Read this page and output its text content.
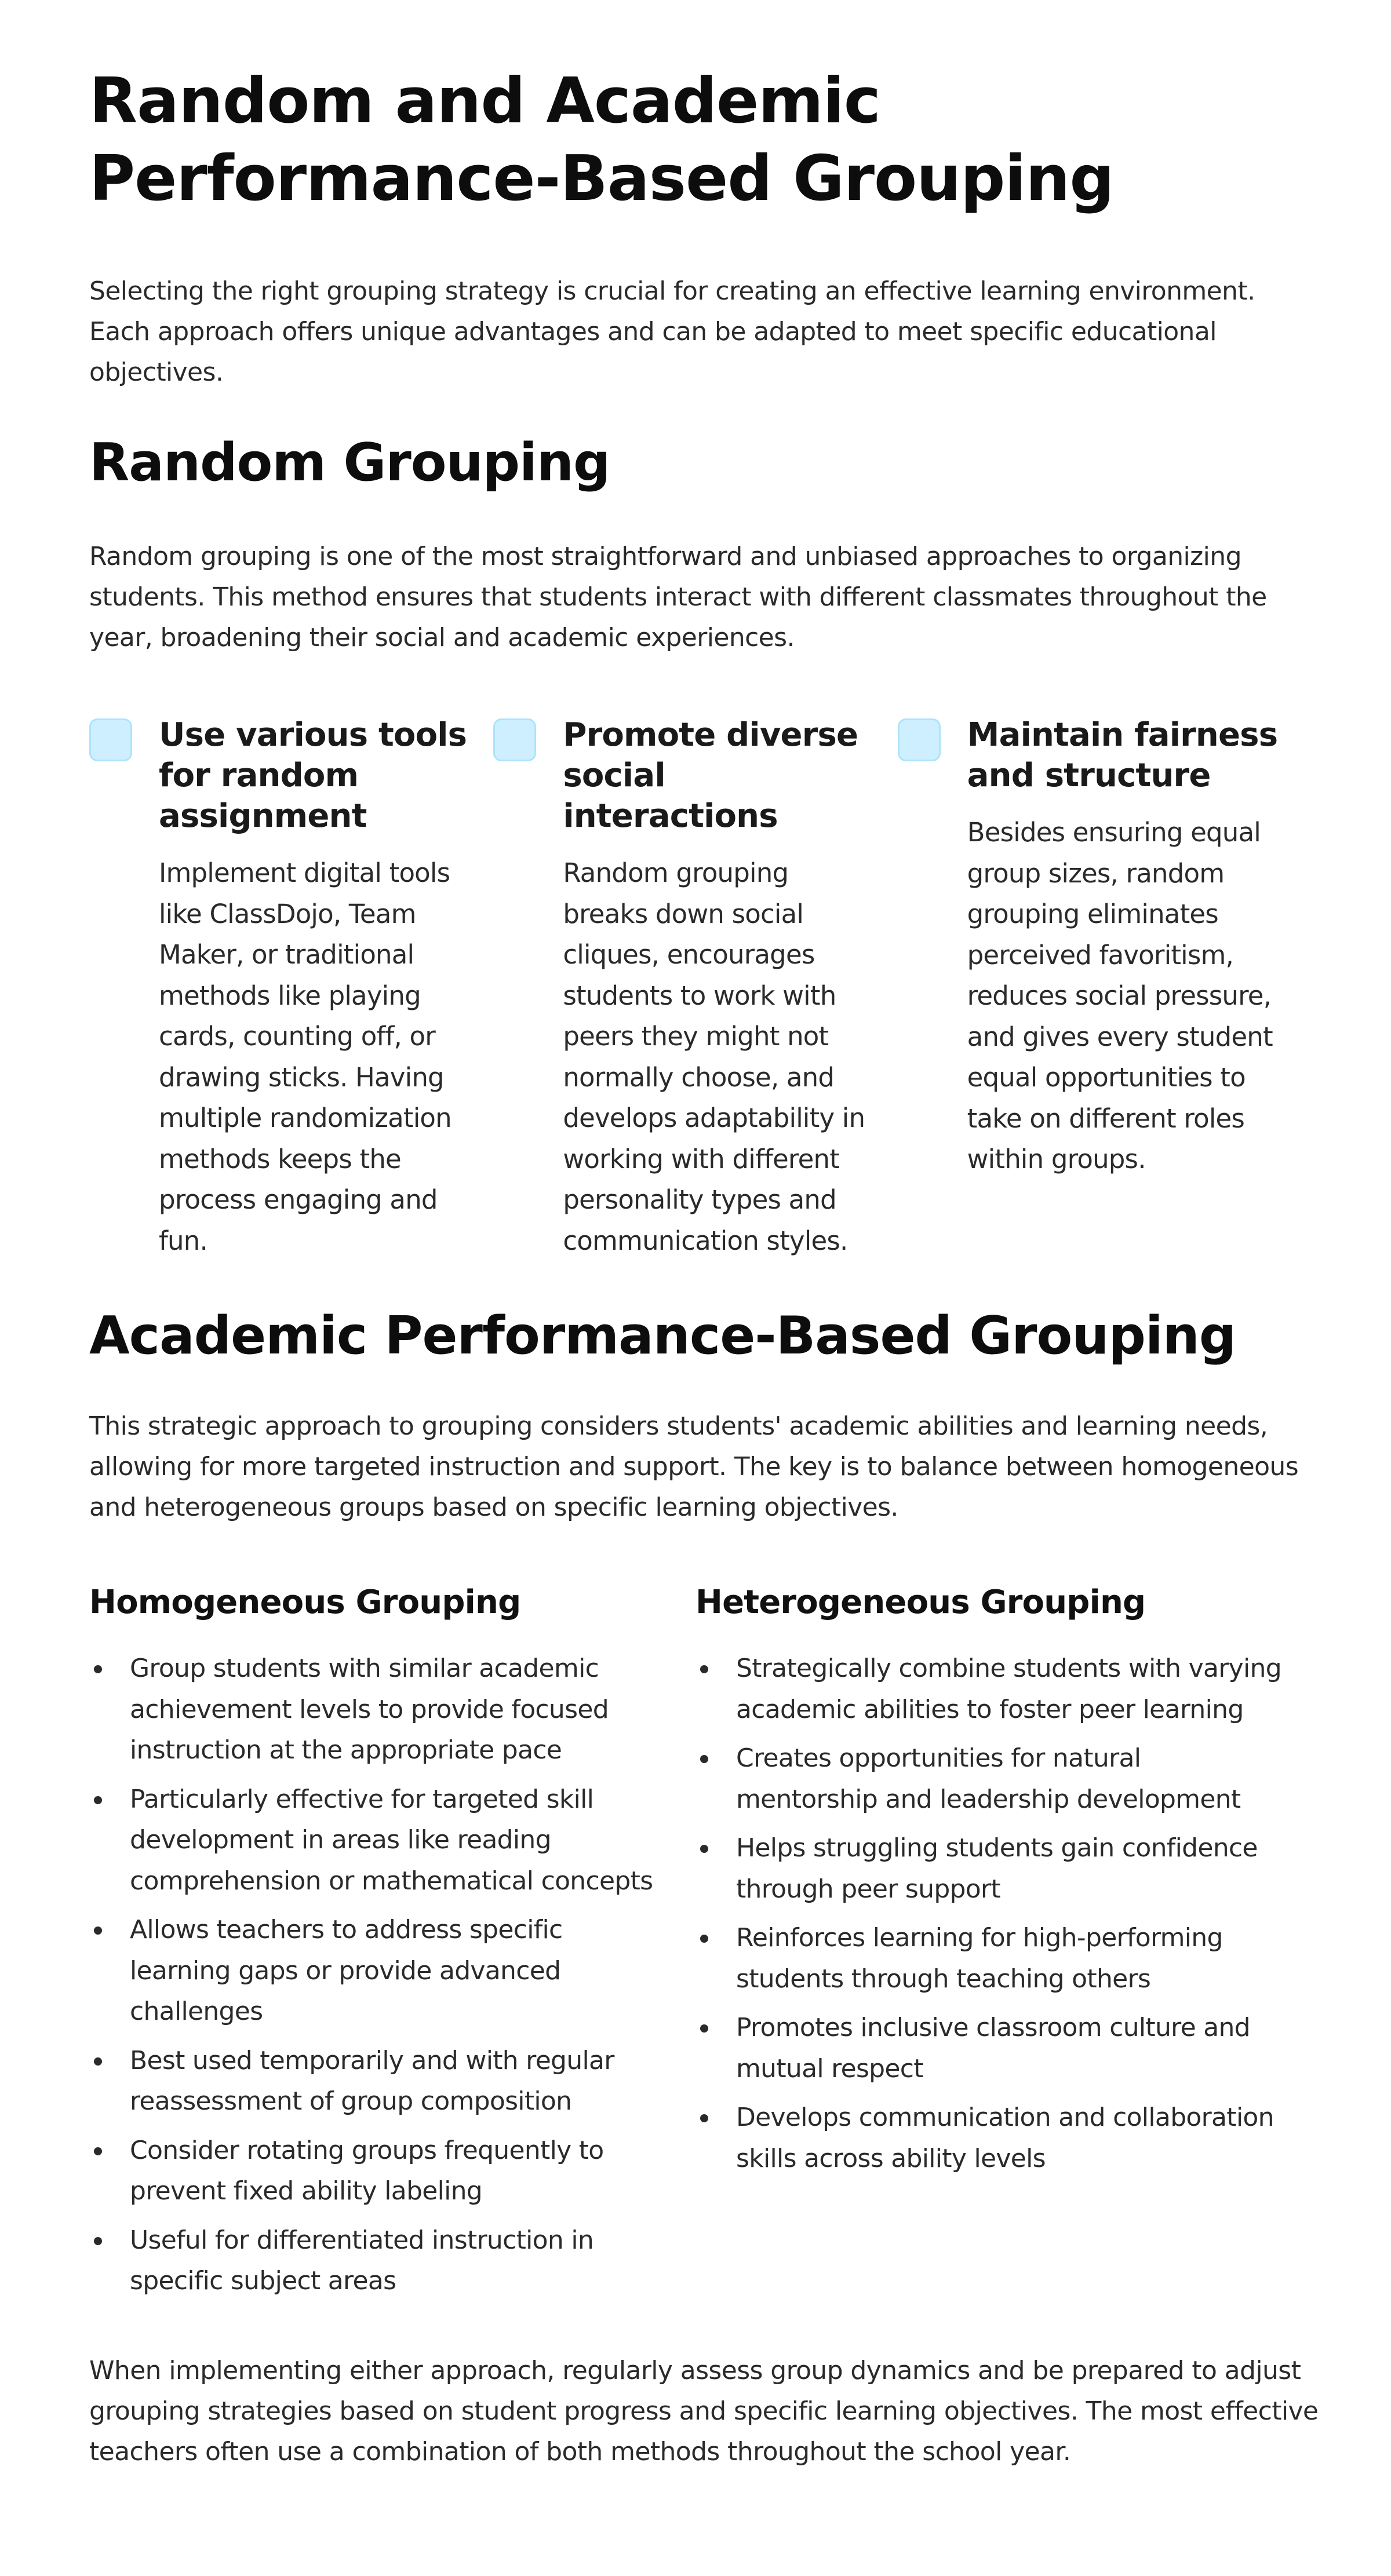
Random and Academic Performance-Based Grouping

Selecting the right grouping strategy is crucial for creating an effective learning environment. Each approach offers unique advantages and can be adapted to meet specific educational objectives.

Random Grouping

Random grouping is one of the most straightforward and unbiased approaches to organizing students. This method ensures that students interact with different classmates throughout the year, broadening their social and academic experiences.

Use various tools for random assignment

Implement digital tools like ClassDojo, Team Maker, or traditional methods like playing cards, counting off, or drawing sticks. Having multiple randomization methods keeps the process engaging and fun.

Promote diverse social interactions

Random grouping breaks down social cliques, encourages students to work with peers they might not normally choose, and develops adaptability in working with different personality types and communication styles.

Maintain fairness and structure

Besides ensuring equal group sizes, random grouping eliminates perceived favoritism, reduces social pressure, and gives every student equal opportunities to take on different roles within groups.

Academic Performance-Based Grouping

This strategic approach to grouping considers students' academic abilities and learning needs, allowing for more targeted instruction and support. The key is to balance between homogeneous and heterogeneous groups based on specific learning objectives.

Homogeneous Grouping
Group students with similar academic achievement levels to provide focused instruction at the appropriate pace
Particularly effective for targeted skill development in areas like reading comprehension or mathematical concepts
Allows teachers to address specific learning gaps or provide advanced challenges
Best used temporarily and with regular reassessment of group composition
Consider rotating groups frequently to prevent fixed ability labeling
Useful for differentiated instruction in specific subject areas
Heterogeneous Grouping
Strategically combine students with varying academic abilities to foster peer learning
Creates opportunities for natural mentorship and leadership development
Helps struggling students gain confidence through peer support
Reinforces learning for high-performing students through teaching others
Promotes inclusive classroom culture and mutual respect
Develops communication and collaboration skills across ability levels

When implementing either approach, regularly assess group dynamics and be prepared to adjust grouping strategies based on student progress and specific learning objectives. The most effective teachers often use a combination of both methods throughout the school year.
